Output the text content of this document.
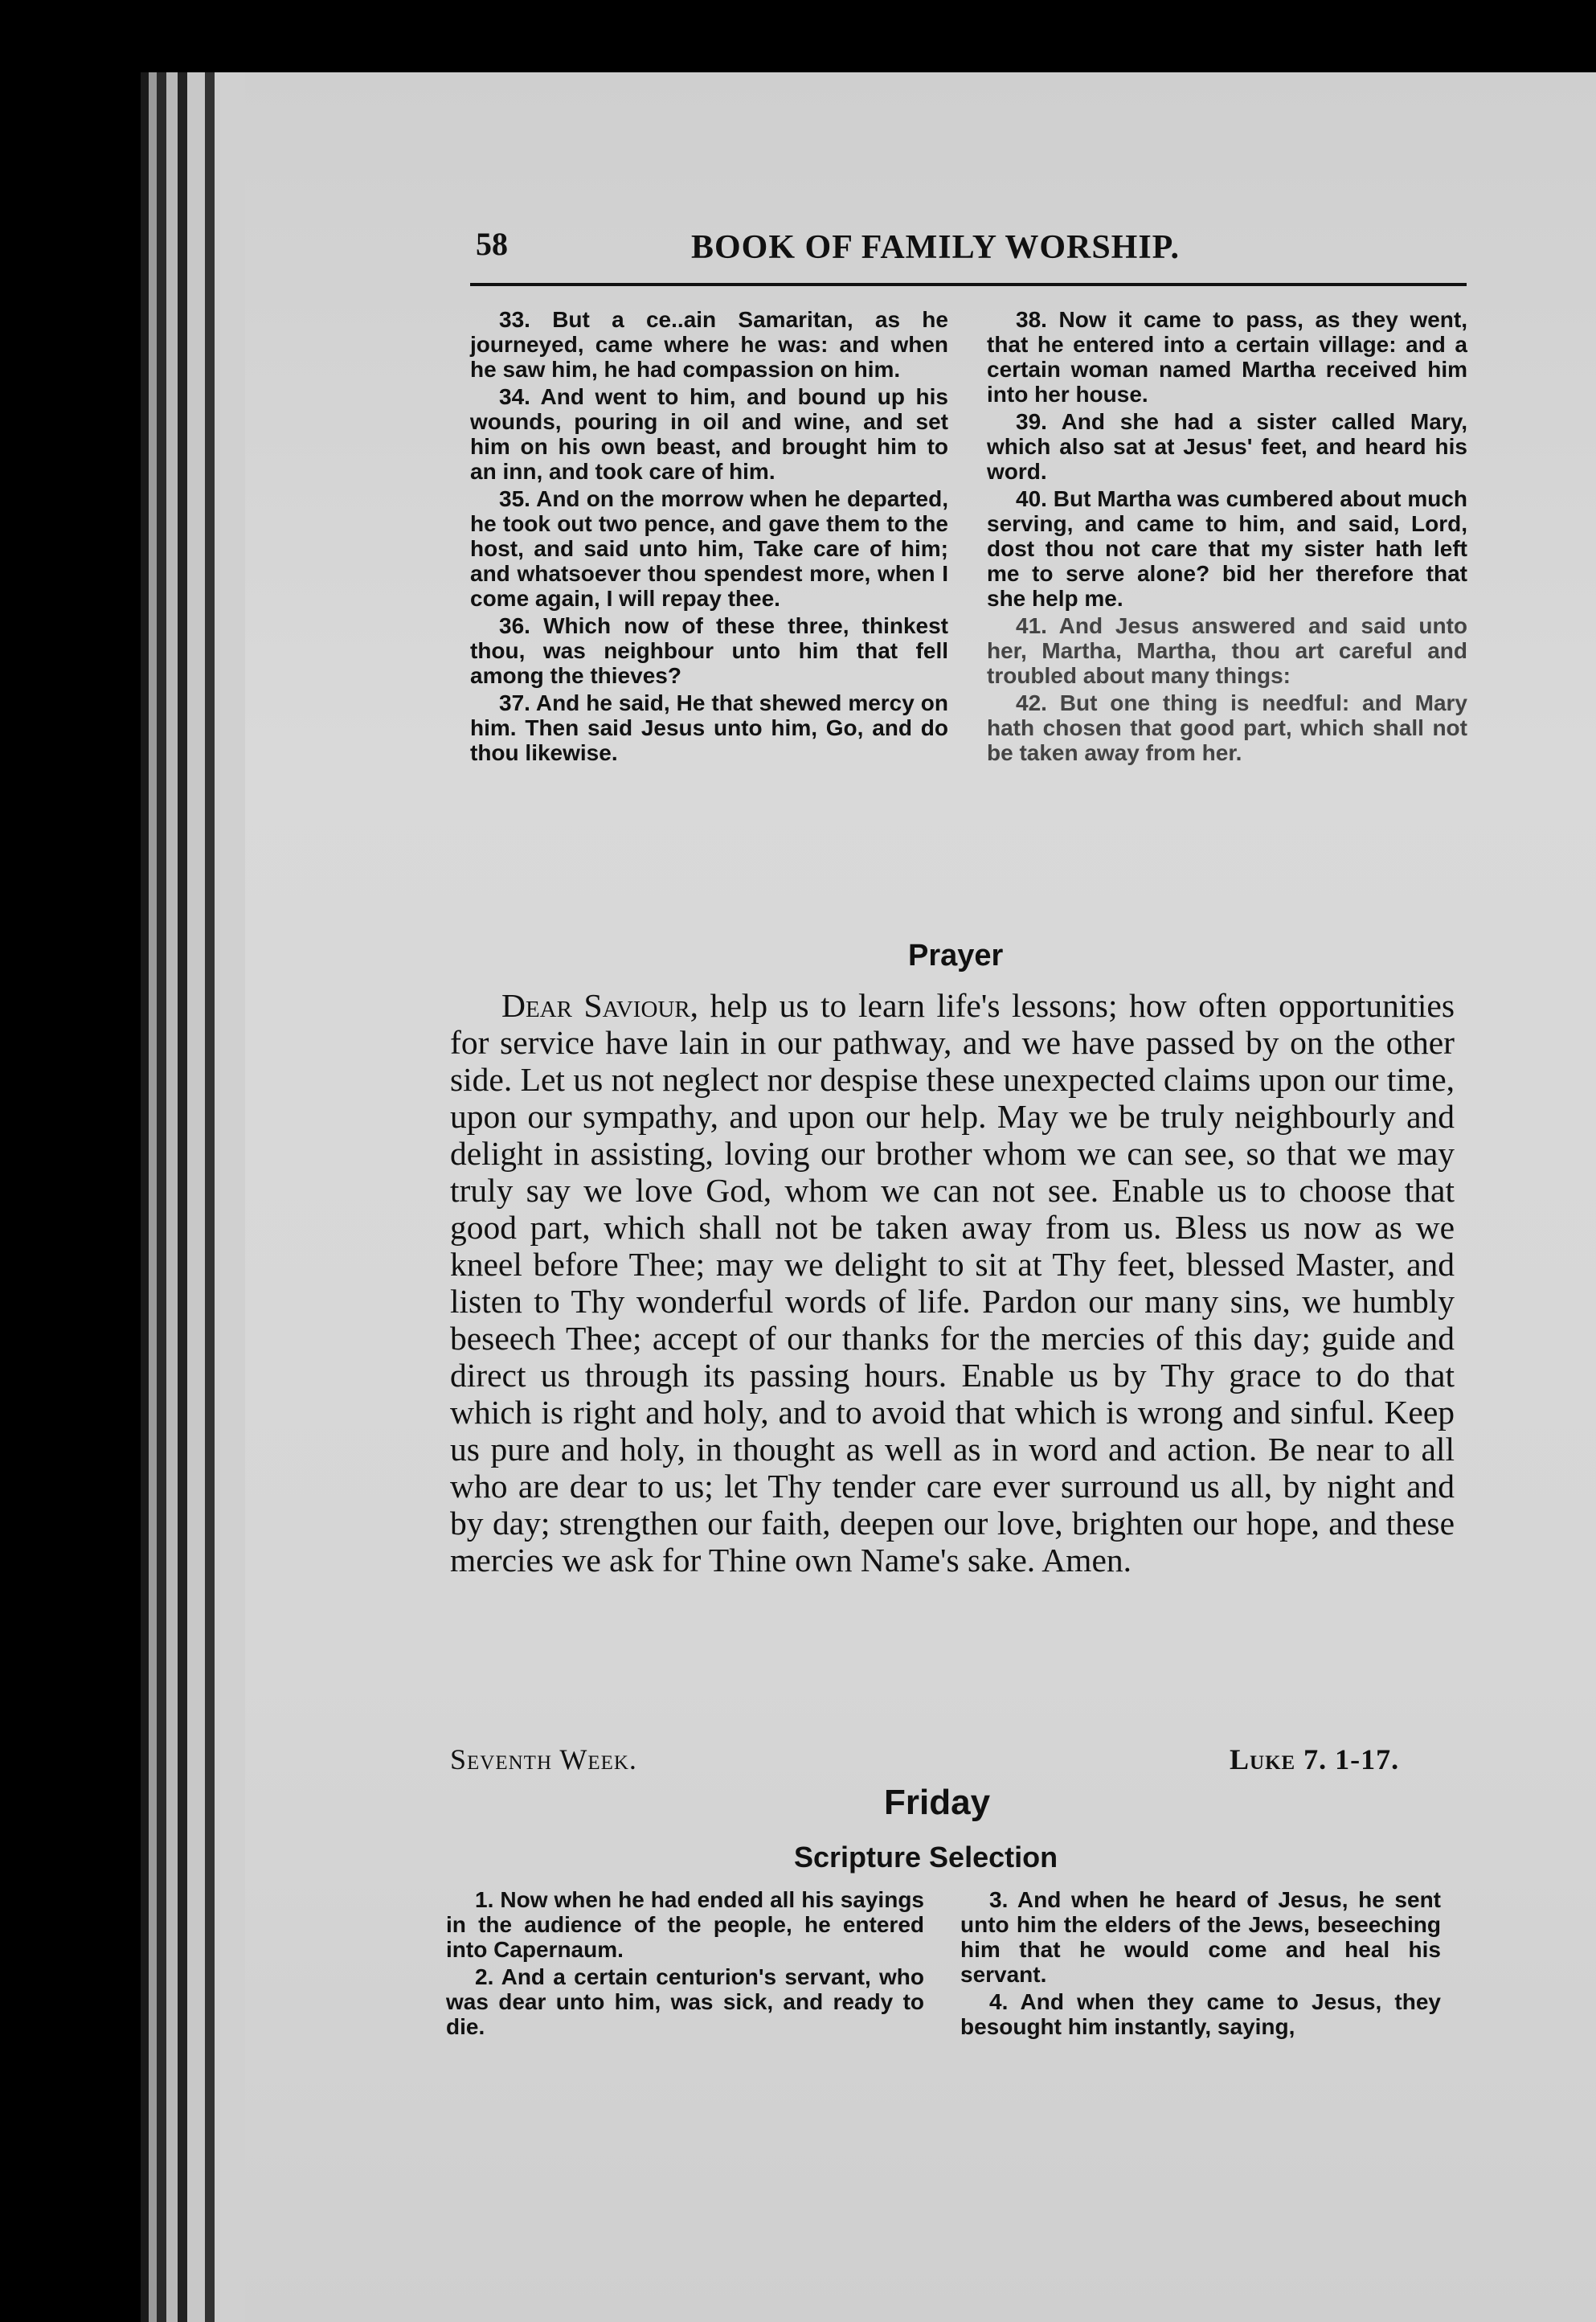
58	BOOK OF FAMILY WORSHIP.

33. But a ce..ain Samaritan, as he journeyed, came where he was: and when he saw him, he had compassion on him.

34. And went to him, and bound up his wounds, pouring in oil and wine, and set him on his own beast, and brought him to an inn, and took care of him.

35. And on the morrow when he departed, he took out two pence, and gave them to the host, and said unto him, Take care of him; and whatsoever thou spendest more, when I come again, I will repay thee.

36. Which now of these three, thinkest thou, was neighbour unto him that fell among the thieves?

37. And he said, He that shewed mercy on him. Then said Jesus unto him, Go, and do thou likewise.

38. Now it came to pass, as they went, that he entered into a certain village: and a certain woman named Martha received him into her house.

39. And she had a sister called Mary, which also sat at Jesus' feet, and heard his word.

40. But Martha was cumbered about much serving, and came to him, and said, Lord, dost thou not care that my sister hath left me to serve alone? bid her therefore that she help me.

41. And Jesus answered and said unto her, Martha, Martha, thou art careful and troubled about many things:

42. But one thing is needful: and Mary hath chosen that good part, which shall not be taken away from her.

Prayer

Dear Saviour, help us to learn life's lessons; how often opportunities for service have lain in our pathway, and we have passed by on the other side. Let us not neglect nor despise these unexpected claims upon our time, upon our sympathy, and upon our help. May we be truly neighbourly and delight in assisting, loving our brother whom we can see, so that we may truly say we love God, whom we can not see. Enable us to choose that good part, which shall not be taken away from us. Bless us now as we kneel before Thee; may we delight to sit at Thy feet, blessed Master, and listen to Thy wonderful words of life. Pardon our many sins, we humbly beseech Thee; accept of our thanks for the mercies of this day; guide and direct us through its passing hours. Enable us by Thy grace to do that which is right and holy, and to avoid that which is wrong and sinful. Keep us pure and holy, in thought as well as in word and action. Be near to all who are dear to us; let Thy tender care ever surround us all, by night and by day; strengthen our faith, deepen our love, brighten our hope, and these mercies we ask for Thine own Name's sake. Amen.

Seventh Week.	Luke 7. 1-17.
Friday
Scripture Selection

1. Now when he had ended all his sayings in the audience of the people, he entered into Capernaum.

2. And a certain centurion's servant, who was dear unto him, was sick, and ready to die.

3. And when he heard of Jesus, he sent unto him the elders of the Jews, beseeching him that he would come and heal his servant.

4. And when they came to Jesus, they besought him instantly, saying,
